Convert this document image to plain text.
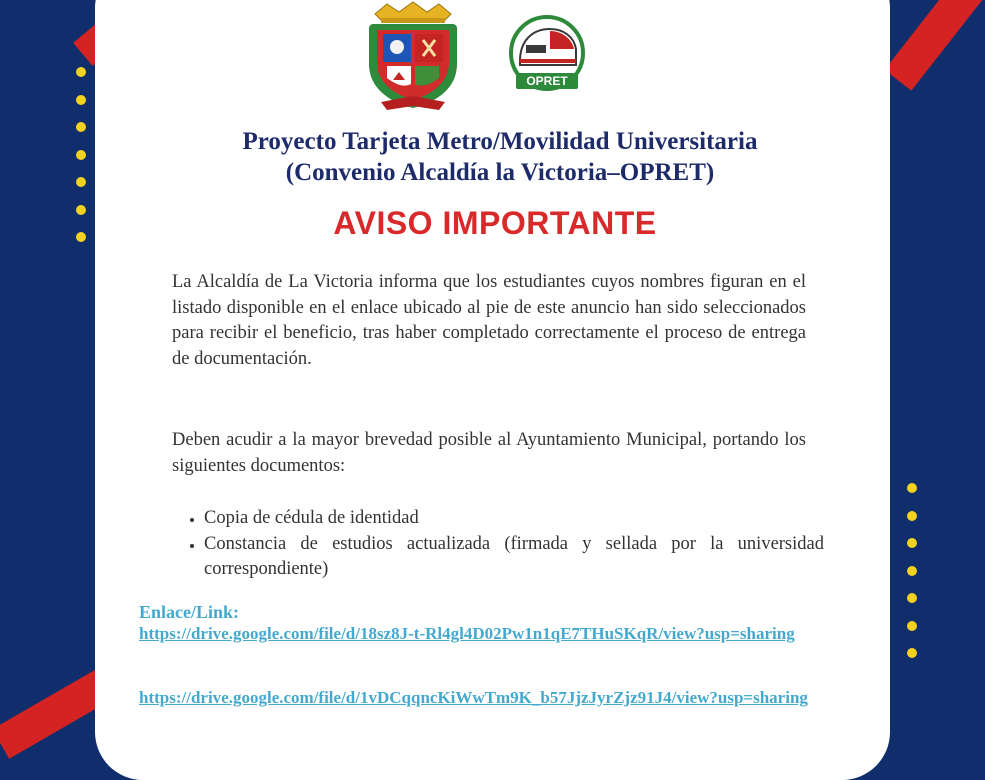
OPRET
Proyecto Tarjeta Metro/Movilidad Universitaria
(Convenio Alcaldía la Victoria–OPRET)
AVISO IMPORTANTE

La Alcaldía de La Victoria informa que los estudiantes cuyos nombres figuran en el listado disponible en el enlace ubicado al pie de este anuncio han sido seleccionados para recibir el beneficio, tras haber completado correctamente el proceso de entrega de documentación.

Deben acudir a la mayor brevedad posible al Ayuntamiento Municipal, portando los siguientes documentos:

• Copia de cédula de identidad
• Constancia de estudios actualizada (firmada y sellada por la universidad correspondiente)

Enlace/Link:

https://drive.google.com/file/d/18sz8J-t-Rl4gl4D02Pw1n1qE7THuSKqR/view?usp=sharing
https://drive.google.com/file/d/1vDCqqncKiWwTm9K_b57JjzJyrZjz91J4/view?usp=sharing
